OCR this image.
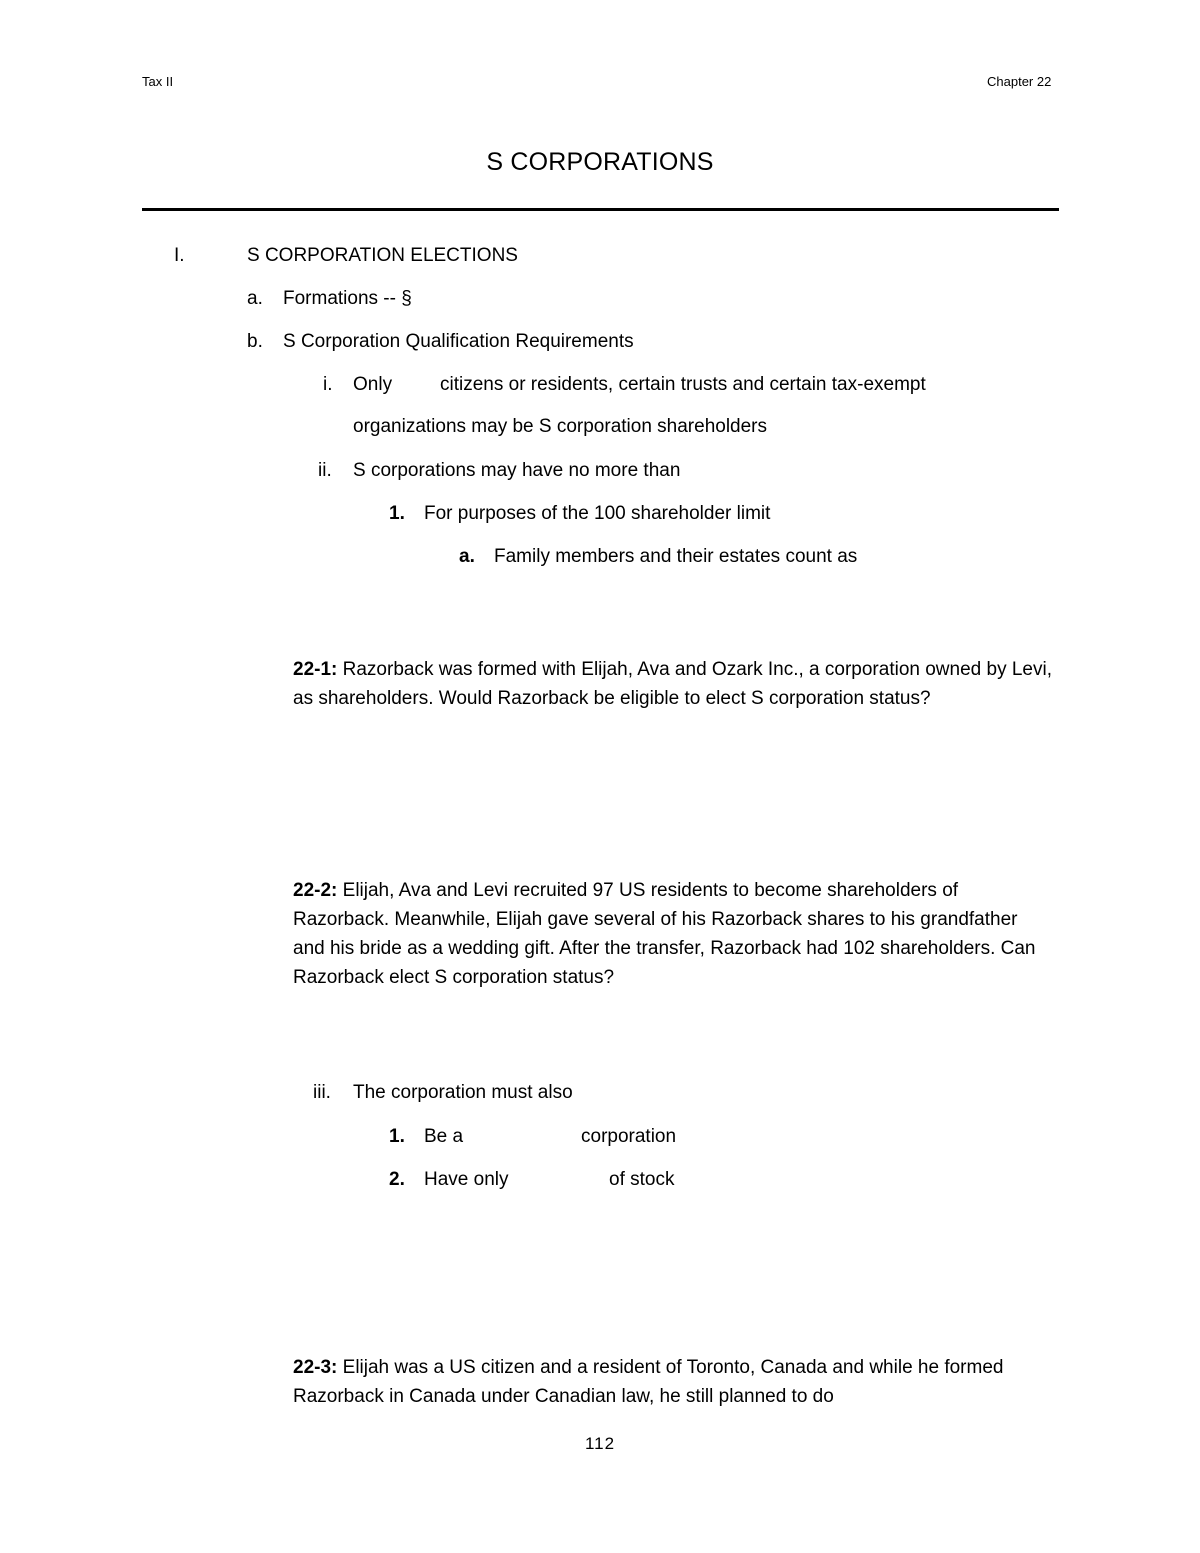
Tax II	Chapter 22
S CORPORATIONS
I.	S CORPORATION ELECTIONS
a. Formations -- §
b. S Corporation Qualification Requirements
i. Only	citizens or residents, certain trusts and certain tax-exempt
organizations may be S corporation shareholders
ii. S corporations may have no more than
1. For purposes of the 100 shareholder limit
a. Family members and their estates count as
22-1: Razorback was formed with Elijah, Ava and Ozark Inc., a corporation owned by Levi, as shareholders. Would Razorback be eligible to elect S corporation status?
22-2: Elijah, Ava and Levi recruited 97 US residents to become shareholders of Razorback. Meanwhile, Elijah gave several of his Razorback shares to his grandfather and his bride as a wedding gift. After the transfer, Razorback had 102 shareholders. Can Razorback elect S corporation status?
iii. The corporation must also
1. Be a	corporation
2. Have only	of stock
22-3: Elijah was a US citizen and a resident of Toronto, Canada and while he formed Razorback in Canada under Canadian law, he still planned to do
112
